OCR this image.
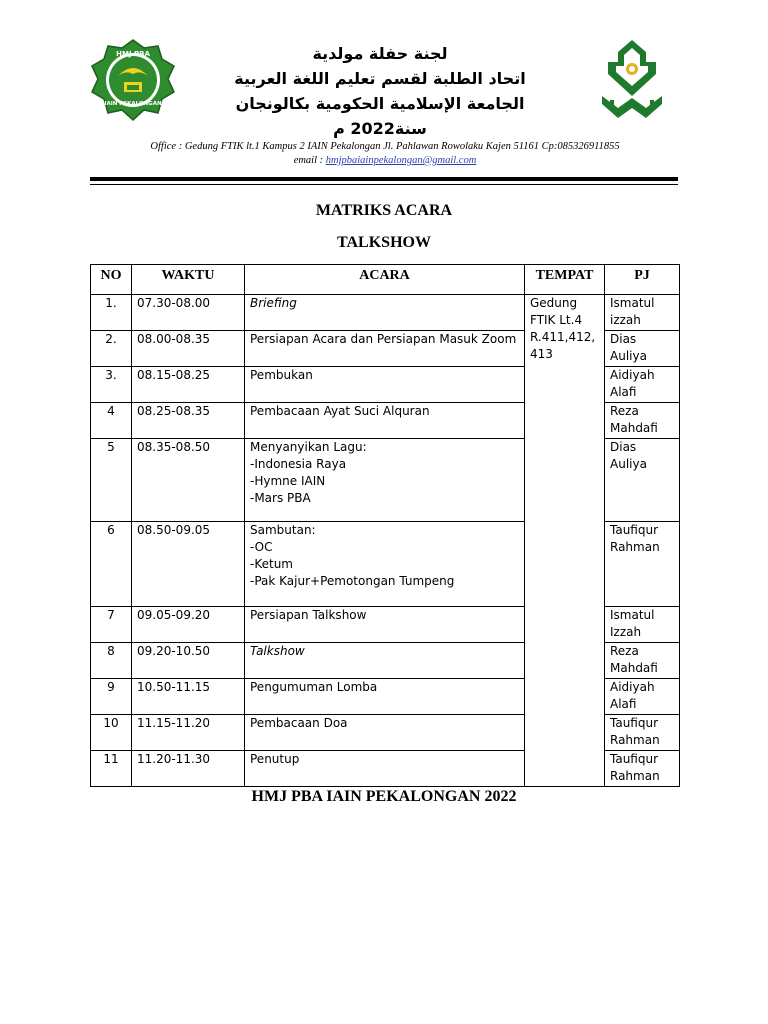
HMJ PBA
IAIN PEKALONGAN
لجنة حفلة مولدية
اتحاد الطلبة لقسم تعليم اللغة العربية
الجامعة الإسلامية الحكومية بكالونجان
سنة2022 م
Office : Gedung FTIK lt.1 Kampus 2 IAIN Pekalongan Jl. Pahlawan Rowolaku Kajen 51161 Cp:085326911855
email : hmjpbaiainpekalongan@gmail.com
MATRIKS ACARA
TALKSHOW
NO	WAKTU	ACARA	TEMPAT	PJ
1.	07.30-08.00	Briefing	Gedung FTIK Lt.4 R.411,412, 413	Ismatul izzah
2.	08.00-08.35	Persiapan Acara dan Persiapan Masuk Zoom		Dias Auliya
3.	08.15-08.25	Pembukan		Aidiyah Alafi
4	08.25-08.35	Pembacaan Ayat Suci Alquran		Reza Mahdafi
5	08.35-08.50	Menyanyikan Lagu:
-Indonesia Raya
-Hymne IAIN
-Mars PBA		Dias Auliya
6	08.50-09.05	Sambutan:
-OC
-Ketum
-Pak Kajur+Pemotongan Tumpeng		Taufiqur Rahman
7	09.05-09.20	Persiapan Talkshow		Ismatul Izzah
8	09.20-10.50	Talkshow		Reza Mahdafi
9	10.50-11.15	Pengumuman Lomba		Aidiyah Alafi
10	11.15-11.20	Pembacaan Doa		Taufiqur Rahman
11	11.20-11.30	Penutup		Taufiqur Rahman
HMJ PBA IAIN PEKALONGAN 2022
